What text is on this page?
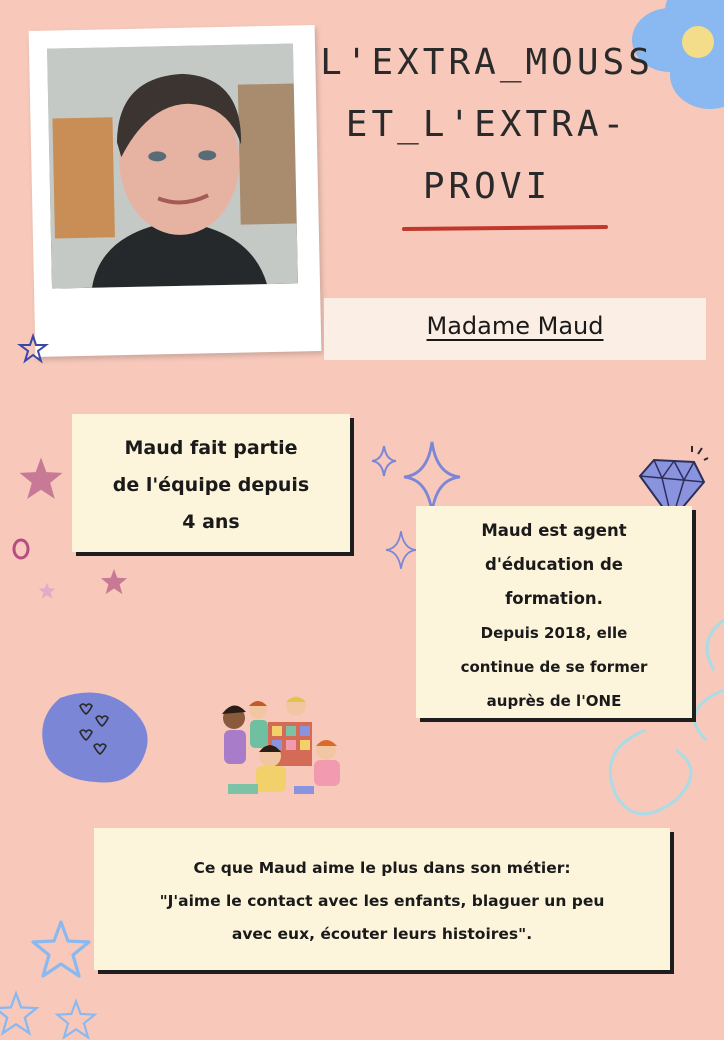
L'EXTRA_MOUSS
ET_L'EXTRA-
PROVI
Madame Maud

Maud fait partie

de l'équipe depuis

4 ans	Maud est agent

d'éducation de

formation.

Depuis 2018, elle

continue de se former

auprès de l'ONE

Ce que Maud aime le plus dans son métier:

"J'aime le contact avec les enfants, blaguer un peu

avec eux, écouter leurs histoires".
